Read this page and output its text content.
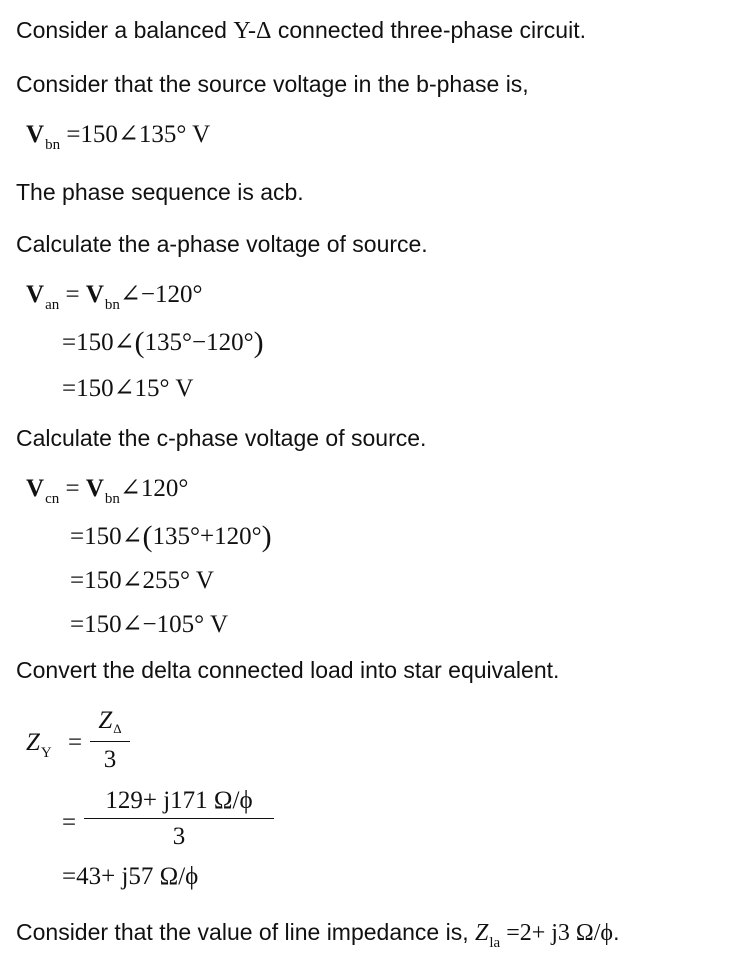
Consider a balanced Y-Δ connected three-phase circuit.
Consider that the source voltage in the b-phase is,
$V_{bn}$ =150∠135° V
The phase sequence is acb.
Calculate the a-phase voltage of source.
$V_{an}$ = $V_{bn}\angle-120^\circ$
=150∠(135°−120°)
=150∠15° V
Calculate the c-phase voltage of source.
$V_{cn}$ = $V_{bn}\angle 120^\circ$
=150∠(135°+120°)
=150∠255° V
=150∠−105° V
Convert the delta connected load into star equivalent.
$Z_Y$ =
$Z_\Delta$
3
=
129+ j171 Ω/ϕ
3
=43+ j57 Ω/ϕ
Consider that the value of line impedance is, $Z_{la} =2+ j3$ Ω/ϕ.
